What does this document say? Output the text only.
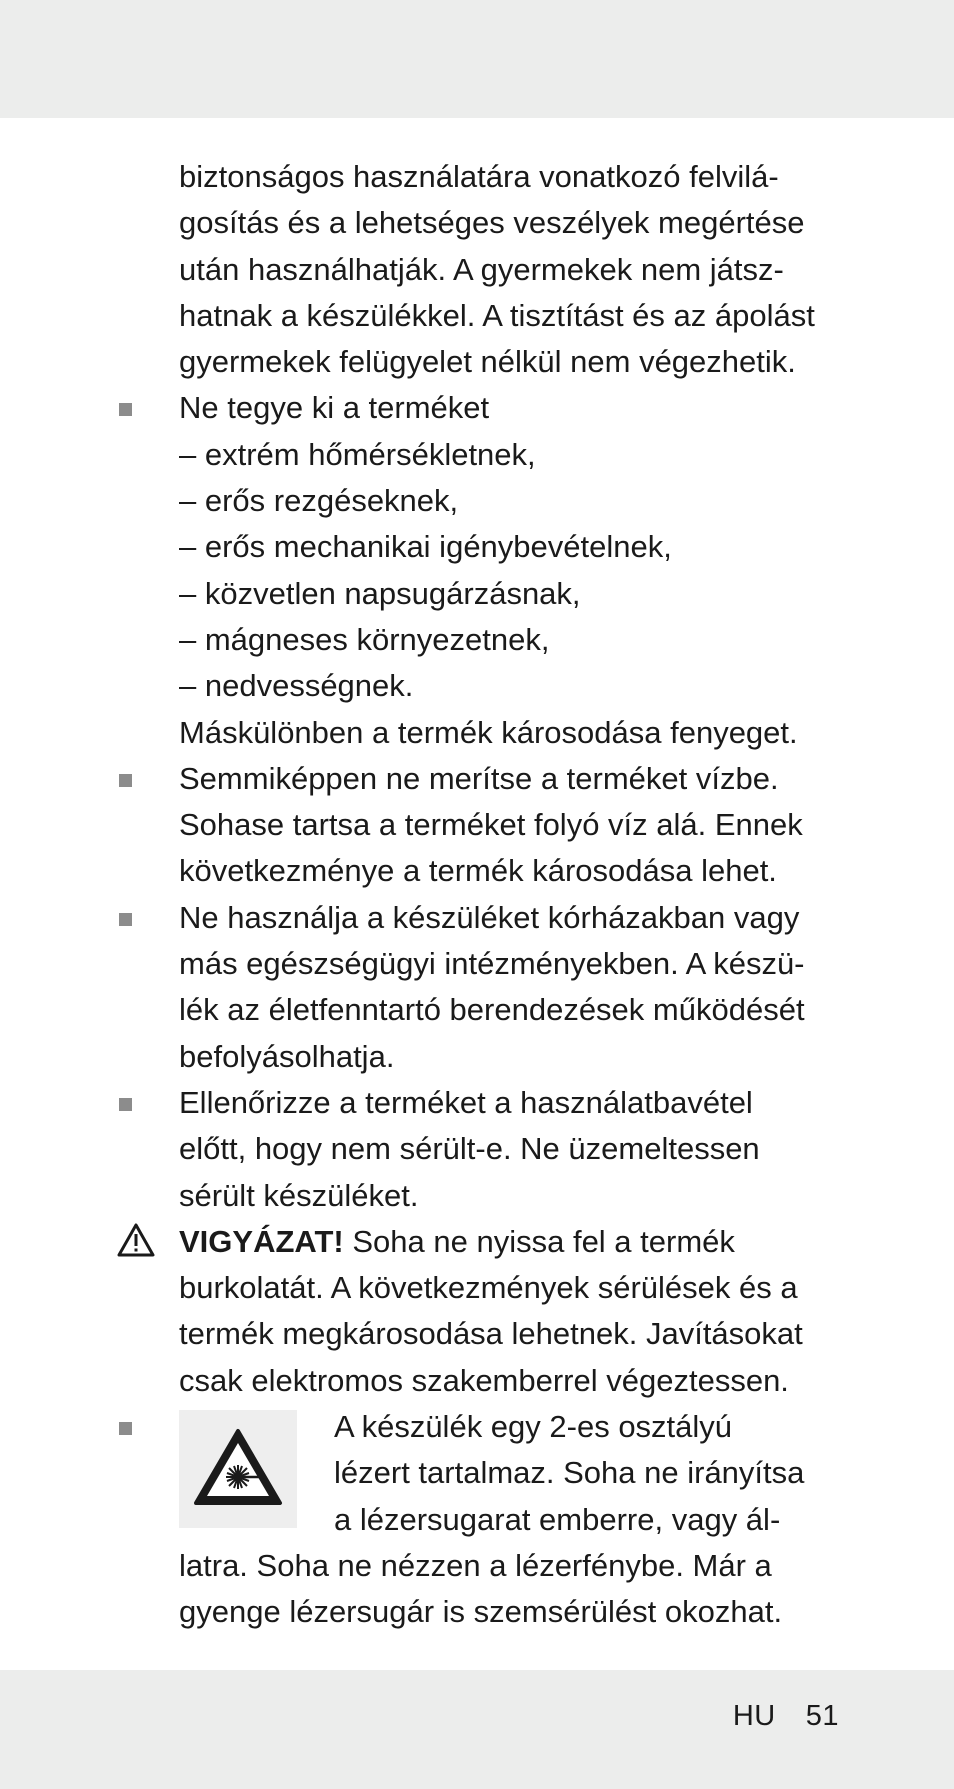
biztonságos használatára vonatkozó felvilá-
gosítás és a lehetséges veszélyek megértése
után használhatják. A gyermekek nem játsz-
hatnak a készülékkel. A tisztítást és az ápolást
gyermekek felügyelet nélkül nem végezhetik.
Ne tegye ki a terméket
– extrém hőmérsékletnek,
– erős rezgéseknek,
– erős mechanikai igénybevételnek,
– közvetlen napsugárzásnak,
– mágneses környezetnek,
– nedvességnek.
Máskülönben a termék károsodása fenyeget.
Semmiképpen ne merítse a terméket vízbe.
Sohase tartsa a terméket folyó víz alá. Ennek
következménye a termék károsodása lehet.
Ne használja a készüléket kórházakban vagy
más egészségügyi intézményekben. A készü-
lék az életfenntartó berendezések működését
befolyásolhatja.
Ellenőrizze a terméket a használatbavétel
előtt, hogy nem sérült-e. Ne üzemeltessen
sérült készüléket.
VIGYÁZAT! Soha ne nyissa fel a termék
burkolatát. A következmények sérülések és a
termék megkárosodása lehetnek. Javításokat
csak elektromos szakemberrel végeztessen.
A készülék egy 2-es osztályú
lézert tartalmaz. Soha ne irányítsa
a lézersugarat emberre, vagy ál-
latra. Soha ne nézzen a lézerfénybe. Már a
gyenge lézersugár is szemsérülést okozhat.
HU 51
